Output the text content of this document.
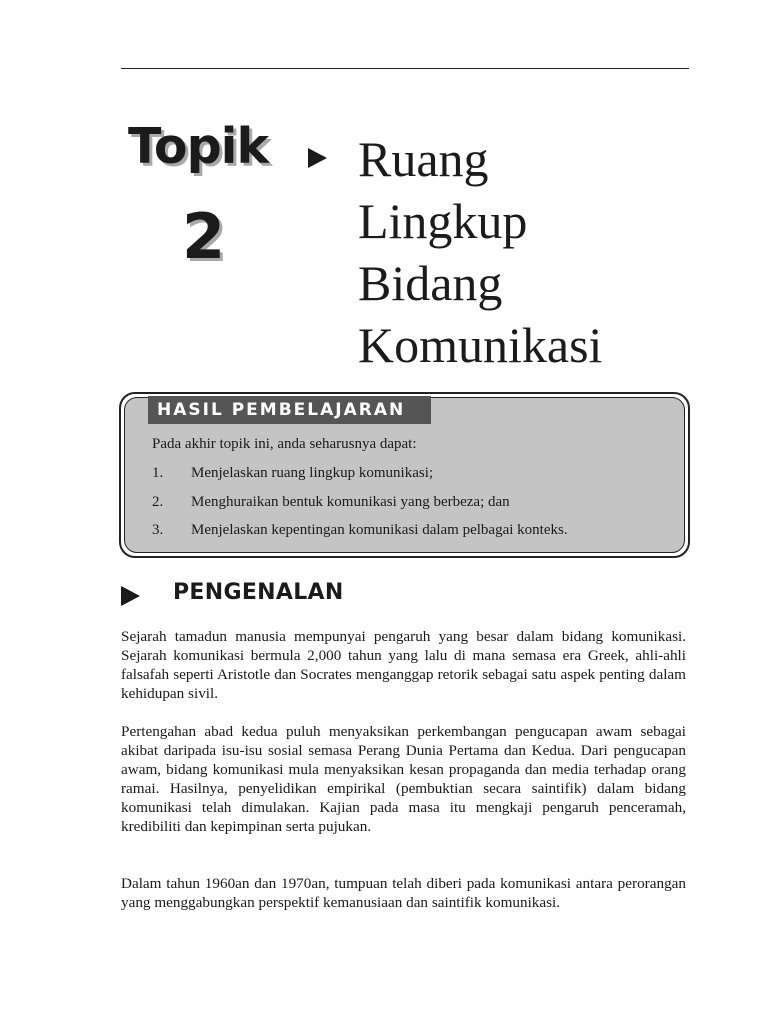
Topik
2
Ruang
Lingkup
Bidang
Komunikasi
HASIL PEMBELAJARAN
Pada akhir topik ini, anda seharusnya dapat:
1. Menjelaskan ruang lingkup komunikasi;
2. Menghuraikan bentuk komunikasi yang berbeza; dan
3. Menjelaskan kepentingan komunikasi dalam pelbagai konteks.
PENGENALAN

Sejarah tamadun manusia mempunyai pengaruh yang besar dalam bidang komunikasi. Sejarah komunikasi bermula 2,000 tahun yang lalu di mana semasa era Greek, ahli-ahli falsafah seperti Aristotle dan Socrates menganggap retorik sebagai satu aspek penting dalam kehidupan sivil.

Pertengahan abad kedua puluh menyaksikan perkembangan pengucapan awam sebagai akibat daripada isu-isu sosial semasa Perang Dunia Pertama dan Kedua. Dari pengucapan awam, bidang komunikasi mula menyaksikan kesan propaganda dan media terhadap orang ramai. Hasilnya, penyelidikan empirikal (pembuktian secara saintifik) dalam bidang komunikasi telah dimulakan. Kajian pada masa itu mengkaji pengaruh penceramah, kredibiliti dan kepimpinan serta pujukan.

Dalam tahun 1960an dan 1970an, tumpuan telah diberi pada komunikasi antara perorangan yang menggabungkan perspektif kemanusiaan dan saintifik komunikasi.
